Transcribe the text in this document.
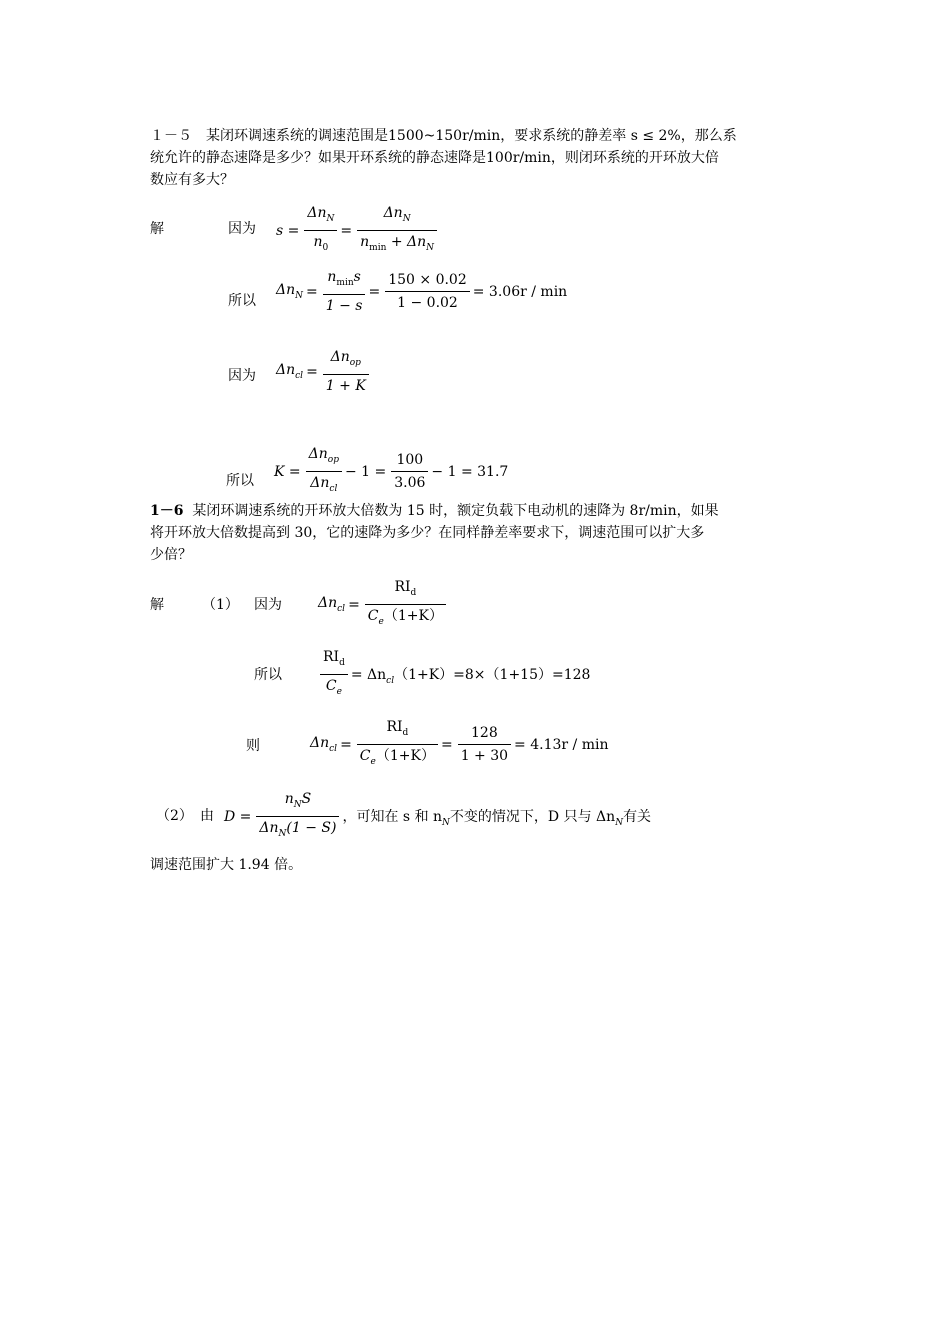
１－５　某闭环调速系统的调速范围是1500~150r/min，要求系统的静差率 s ≤ 2%，那么系
统允许的静态速降是多少？如果开环系统的静态速降是100r/min，则闭环系统的开环放大倍
数应有多大？
解	因为 $s = \frac{\Delta n_N}{n_0} = \frac{\Delta n_N}{n_{min} + \Delta n_N}$
所以
$\Delta n_N = \frac{n_{min}s}{1 - s} = \frac{150 \times 0.02}{1 - 0.02} = 3.06r / \min$
因为 $\Delta n_{cl} = \frac{\Delta n_{op}}{1 + K}$
所以
$K = \frac{\Delta n_{op}}{\Delta n_{cl}} - 1 = \frac{100}{3.06} - 1 = 31.7$
1－6 某闭环调速系统的开环放大倍数为 15 时，额定负载下电动机的速降为 8r/min，如果
将开环放大倍数提高到 30，它的速降为多少？在同样静差率要求下，调速范围可以扩大多
少倍？
解	（1） 因为	$\Delta n_{cl} = \frac{RI_d}{C_e(1+K)}$
所以	$\frac{RI_d}{C_e} = \Delta n_{cl}(1+K)=8\times(1+15)=128$
则	$\Delta n_{cl} = \frac{RI_d}{C_e(1+K)} = \frac{128}{1 + 30} = 4.13r / \min$
（2） 由 $D = \frac{n_NS}{\Delta n_N(1 - S)}$ ，可知在 s 和 $n_N$不变的情况下，D 只与 $\Delta n_N$有关
调速范围扩大 1.94 倍。
